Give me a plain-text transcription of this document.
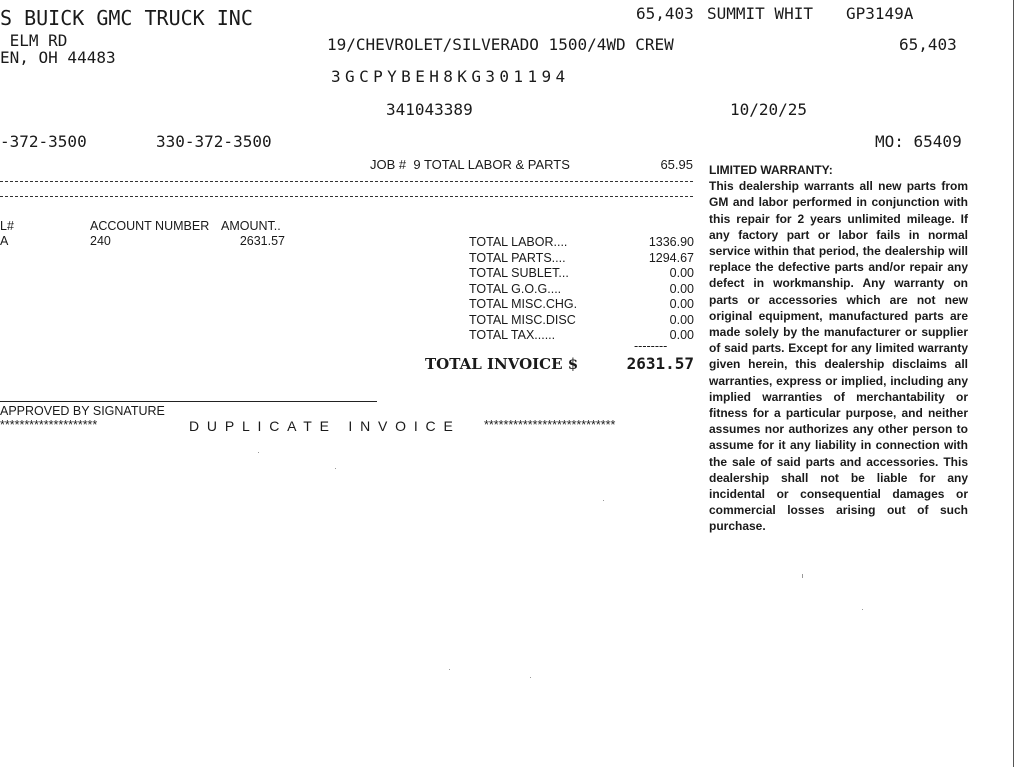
S BUICK GMC TRUCK INC
ELM RD
EN, OH 44483
65,403 SUMMIT WHIT GP3149A
19/CHEVROLET/SILVERADO 1500/4WD CREW	65,403
3GCPYBEH8KG301194
341043389	10/20/25
-372-3500	330-372-3500	MO: 65409
JOB #  9 TOTAL LABOR & PARTS	65.95
L#	ACCOUNT NUMBER AMOUNT..
A	240	2631.57	TOTAL LABOR....	1336.90
TOTAL PARTS....	1294.67
TOTAL SUBLET...	0.00
TOTAL G.O.G....	0.00
TOTAL MISC.CHG.	0.00
TOTAL MISC.DISC	0.00
TOTAL TAX......	0.00
--------
TOTAL INVOICE $	2631.57
APPROVED BY SIGNATURE
********************	DUPLICATE INVOICE ***************************
LIMITED WARRANTY:
This dealership warrants all new parts from GM and labor performed in conjunction with this repair for 2 years unlimited mileage. If any factory part or labor fails in normal service within that period, the dealership will replace the defective parts and/or repair any defect in workmanship. Any warranty on parts or accessories which are not new original equipment, manufactured parts are made solely by the manufacturer or supplier of said parts. Except for any limited warranty given herein, this dealership disclaims all warranties, express or implied, including any implied warranties of merchantability or fitness for a particular purpose, and neither assumes nor authorizes any other person to assume for it any liability in connection with the sale of said parts and accessories. This dealership shall not be liable for any incidental or consequential damages or commercial losses arising out of such purchase.
